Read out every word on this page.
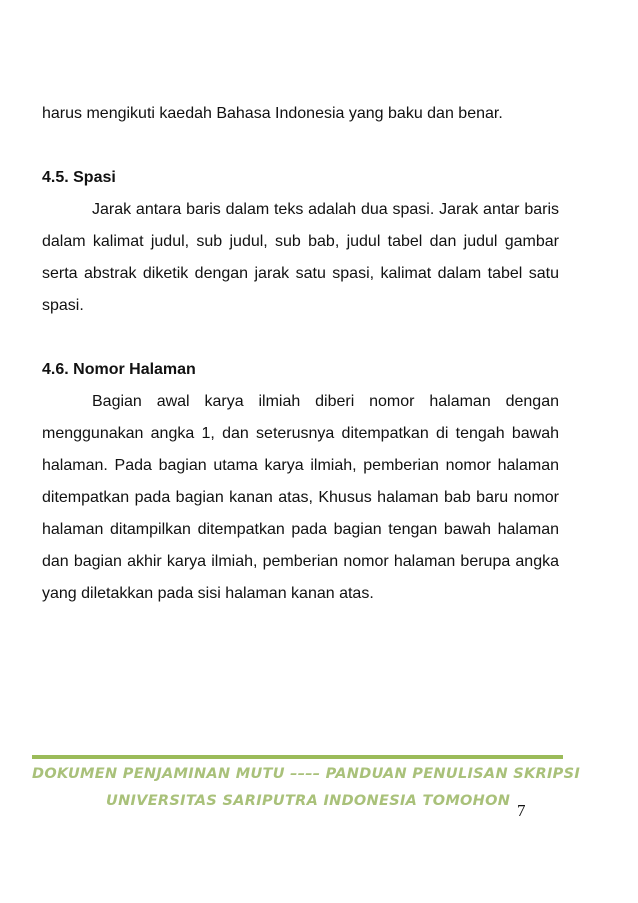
harus mengikuti kaedah Bahasa Indonesia yang baku dan benar.

4.5. Spasi

Jarak antara baris dalam teks adalah dua spasi. Jarak antar baris dalam kalimat judul, sub judul, sub bab, judul tabel dan judul gambar serta abstrak diketik dengan jarak satu spasi, kalimat dalam tabel satu spasi.

4.6. Nomor Halaman

Bagian awal karya ilmiah diberi nomor halaman dengan menggunakan angka 1, dan seterusnya ditempatkan di tengah bawah halaman. Pada bagian utama karya ilmiah, pemberian nomor halaman ditempatkan pada bagian kanan atas, Khusus halaman bab baru nomor halaman ditampilkan ditempatkan pada bagian tengan bawah halaman dan bagian akhir karya ilmiah, pemberian nomor halaman berupa angka yang diletakkan pada sisi halaman kanan atas.

DOKUMEN PENJAMINAN MUTU –––– PANDUAN PENULISAN SKRIPSI
UNIVERSITAS SARIPUTRA INDONESIA TOMOHON 7
